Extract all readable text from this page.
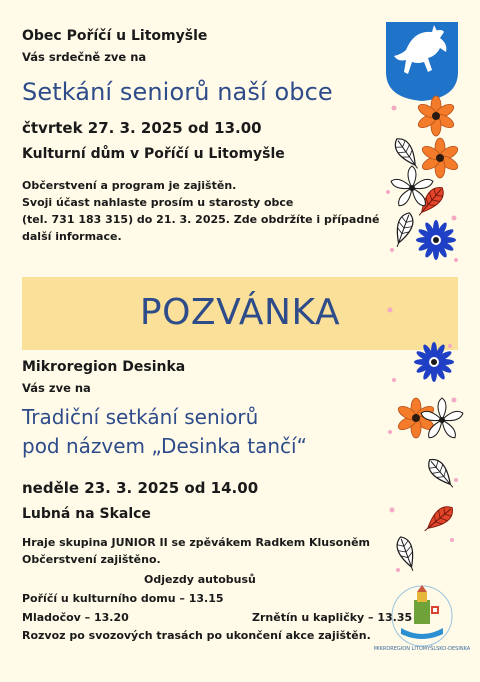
Obec Poříčí u Litomyšle
Vás srdečně zve na
Setkání seniorů naší obce
čtvrtek 27. 3. 2025 od 13.00
Kulturní dům v Poříčí u Litomyšle
Občerstvení a program je zajištěn.
Svoji účast nahlaste prosím u starosty obce
(tel. 731 183 315) do 21. 3. 2025. Zde obdržíte i případné
další informace.
POZVÁNKA
Mikroregion Desinka
Vás zve na
Tradiční setkání seniorů
pod názvem „Desinka tančí“
neděle 23. 3. 2025 od 14.00
Lubná na Skalce
Hraje skupina JUNIOR II se zpěvákem Radkem Klusoněm
Občerstvení zajištěno.
Odjezdy autobusů
Poříčí u kulturního domu – 13.15
Mladočov – 13.20	Zrnětín u kapličky – 13.35
Rozvoz po svozových trasách po ukončení akce zajištěn.
MIKROREGION LITOMYŠLSKO-DESINKA
